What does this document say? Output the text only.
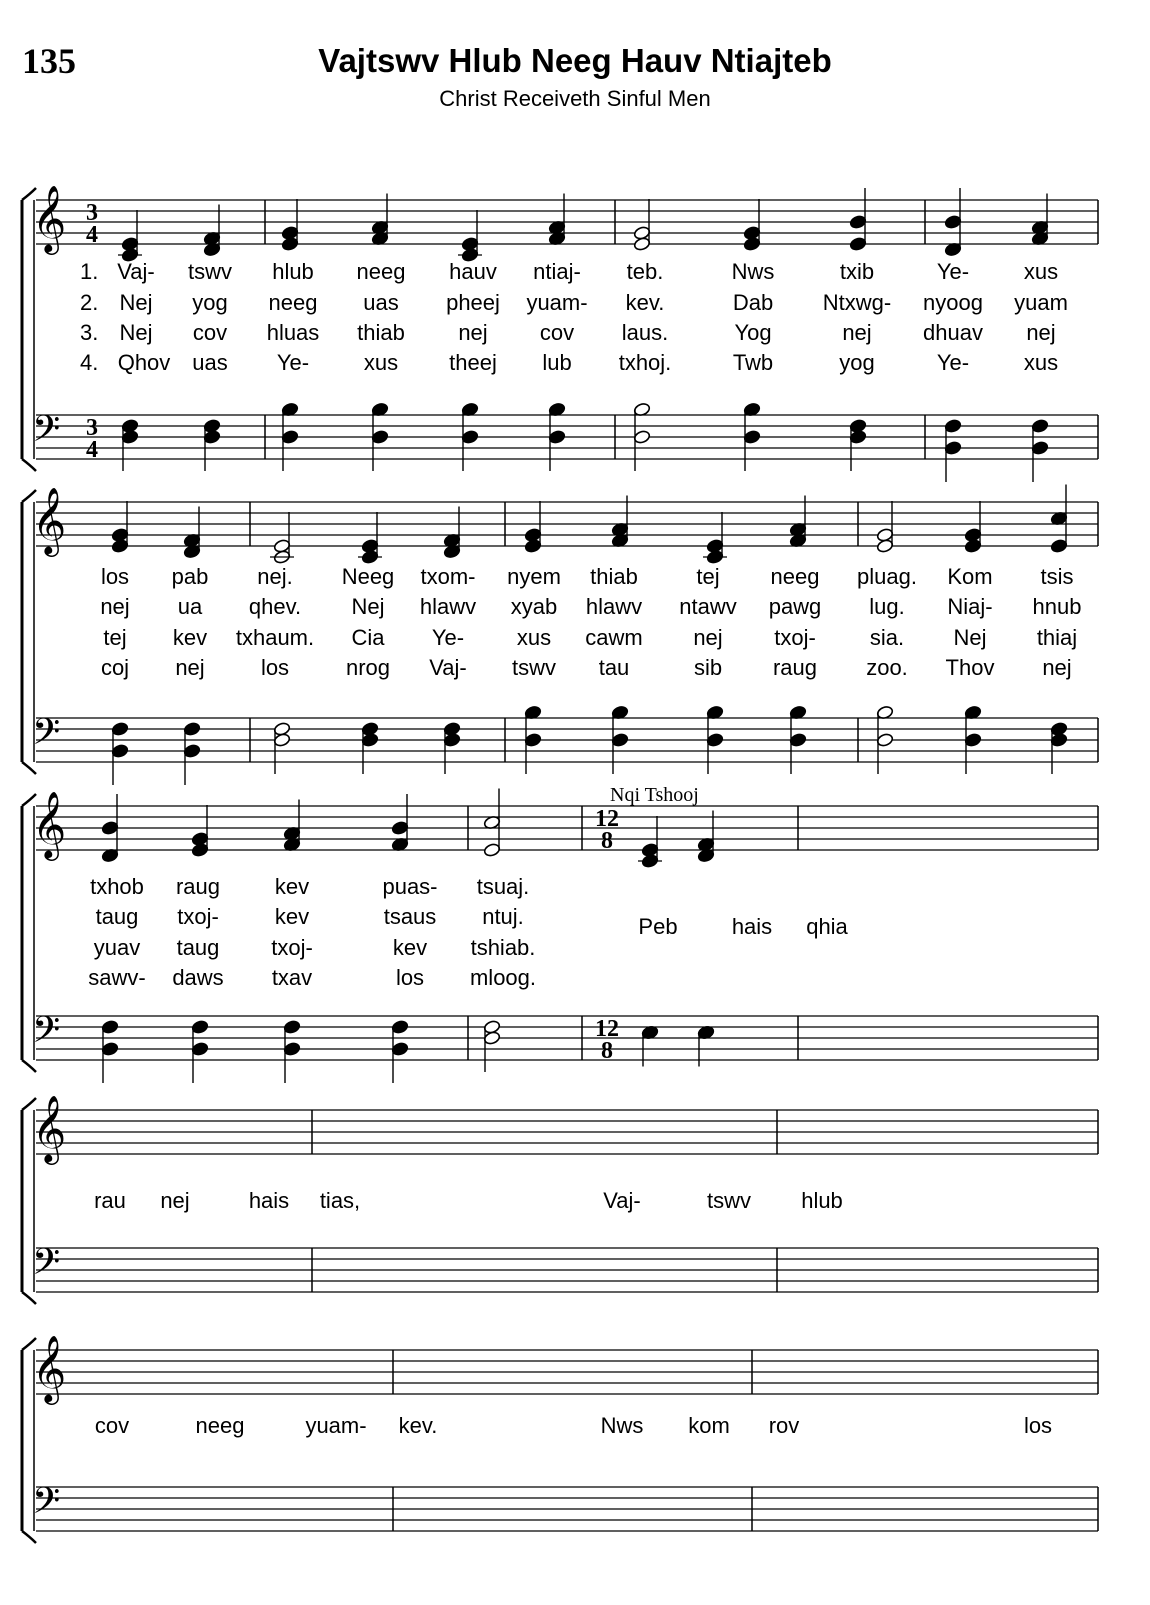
135	Vajtswv Hlub Neeg Hauv Ntiajteb
Christ Receiveth Sinful Men
Nqi Tshooj
𝄞
𝄢
3
4
3
4
𝄞
𝄢
𝄞
𝄢
12
8
12
8
𝄞
𝄢
𝄞
𝄢
1. Vaj- tswv hlub neeg hauv ntiaj- teb.	Nws	txib	Ye- xus
2. Nej yog neeg uas pheej yuam- kev.	Dab Ntxwg- nyoog yuam
3. Nej cov hluas thiab nej cov laus.	Yog	nej dhuav nej
4. Qhov uas Ye- xus theej lub txhoj.	Twb	yog	Ye- xus
los pab nej. Neeg txom- nyem thiab	tej neeg pluag. Kom tsis
nej ua qhev. Nej hlawv xyab hlawv ntawv pawg lug. Niaj- hnub
tej kev txhaum. Cia Ye- xus cawm nej txoj- sia. Nej thiaj
coj nej	los	nrog Vaj- tswv tau	sib raug zoo. Thov nej
txhob raug kev	puas- tsuaj.
taug txoj-	kev	tsaus ntuj.
yuav taug txoj-	kev tshiab.
sawv- daws txav	los mloog.
Peb hais qhia
rau nej	hais tias,	Vaj-	tswv hlub
cov	neeg	yuam- kev.	Nws kom rov	los
